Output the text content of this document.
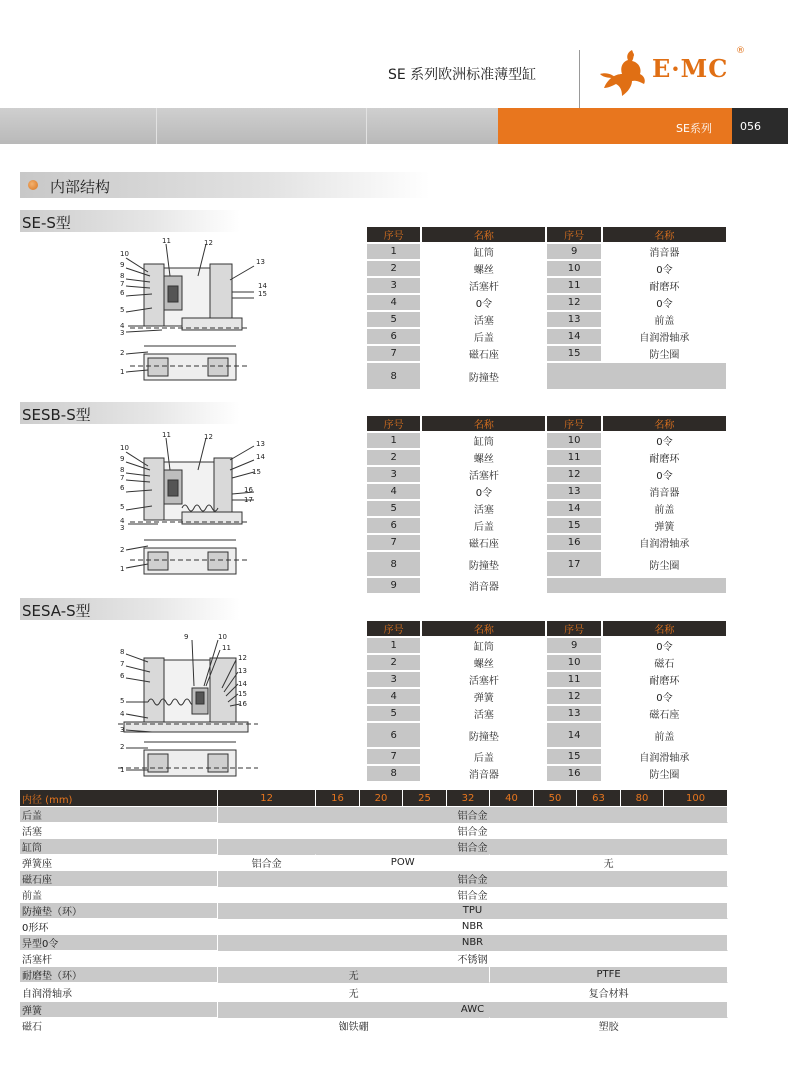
SE 系列欧洲标准薄型缸	E·MC
®
SE系列	056
内部结构
SE-S型
10
9
8
7
6
5
4
3
2
1
11	12
13
14
15
序号	名称	序号	名称
1	缸筒	9	消音器
2	螺丝	10	0令
3	活塞杆	11	耐磨环
4	0令	12	0令
5	活塞	13	前盖
6	后盖	14	自润滑轴承
7	磁石座	15	防尘圈
8	防撞垫		
SESB-S型
10
9
8
7
6
5
4
3
2
1
11	12
13
14
15
16
17
序号	名称	序号	名称
1	缸筒	10	0令
2	螺丝	11	耐磨环
3	活塞杆	12	0令
4	0令	13	消音器
5	活塞	14	前盖
6	后盖	15	弹簧
7	磁石座	16	自润滑轴承
8	防撞垫	17	防尘圈
9	消音器		
SESA-S型
8
7
6
5
4
3
2
1
9	10
11
12
13
14
15
16
序号	名称	序号	名称
1	缸筒	9	0令
2	螺丝	10	磁石
3	活塞杆	11	耐磨环
4	弹簧	12	0令
5	活塞	13	磁石座
6	防撞垫	14	前盖
7	后盖	15	自润滑轴承
8	消音器	16	防尘圈
内径 (mm)	12	16	20	25	32	40	50	63	80	100
后盖	铝合金									
活塞	铝合金									
缸筒	铝合金									
弹簧座	铝合金	POW				无				
磁石座	铝合金									
前盖	铝合金									
防撞垫（环）	TPU									
0形环	NBR									
异型0令	NBR									
活塞杆	不锈钢									
耐磨垫（环）	无					PTFE				
自润滑轴承	无					复合材料				
弹簧	AWC									
磁石	铷铁硼					塑胶				
